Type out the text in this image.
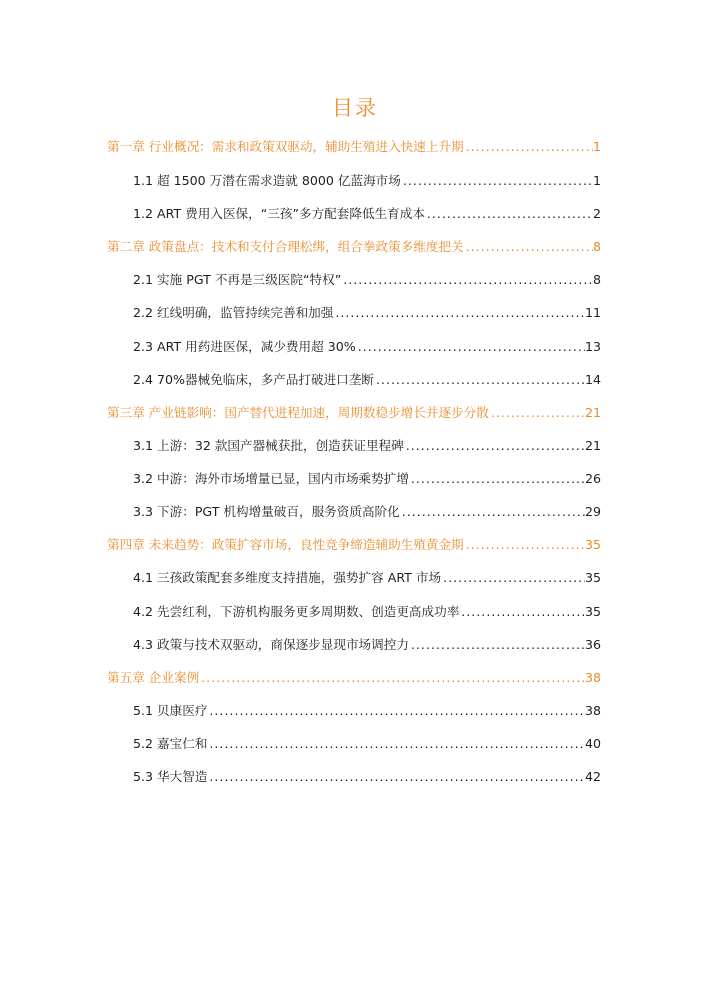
目录
第一章 行业概况：需求和政策双驱动，辅助生殖进入快速上升期 .....	1
1.1 超 1500 万潜在需求造就 8000 亿蓝海市场 .....	1
1.2 ART 费用入医保，“三孩”多方配套降低生育成本 .....	2
第二章 政策盘点：技术和支付合理松绑，组合拳政策多维度把关 .....	8
2.1 实施 PGT 不再是三级医院“特权” .....	8
2.2 红线明确，监管持续完善和加强 .....	11
2.3 ART 用药进医保，减少费用超 30% .....	13
2.4 70%器械免临床，多产品打破进口垄断 .....	14
第三章 产业链影响：国产替代进程加速，周期数稳步增长并逐步分散 .....	21
3.1 上游：32 款国产器械获批，创造获证里程碑 .....	21
3.2 中游：海外市场增量已显，国内市场乘势扩增 .....	26
3.3 下游：PGT 机构增量破百，服务资质高阶化 .....	29
第四章 未来趋势：政策扩容市场，良性竞争缔造辅助生殖黄金期 .....	35
4.1 三孩政策配套多维度支持措施，强势扩容 ART 市场 .....	35
4.2 先尝红利，下游机构服务更多周期数、创造更高成功率 .....	35
4.3 政策与技术双驱动，商保逐步显现市场调控力 .....	36
第五章 企业案例 .....	38
5.1 贝康医疗 .....	38
5.2 嘉宝仁和 .....	40
5.3 华大智造 .....	42
